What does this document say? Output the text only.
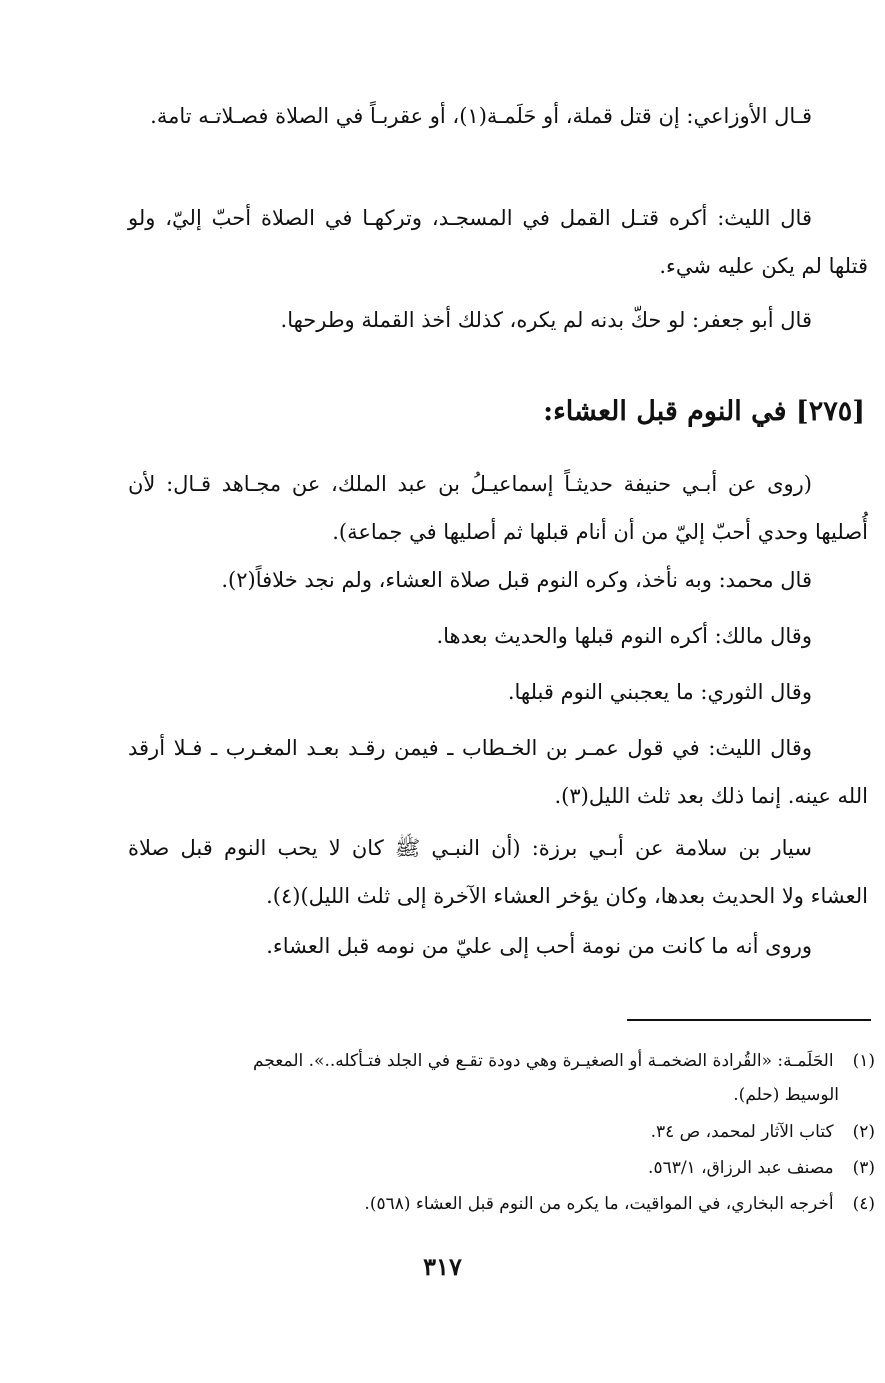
قـال الأوزاعي: إن قتل قملة، أو حَلَمـة(١)، أو عقربـاً في الصلاة فصـلاتـه تامة.
قال الليث: أكره قتـل القمل في المسجـد، وتركهـا في الصلاة أحبّ إليّ، ولو قتلها لم يكن عليه شيء.
قال أبو جعفر: لو حكّ بدنه لم يكره، كذلك أخذ القملة وطرحها.
[٢٧٥] في النوم قبل العشاء:
(روى عن أبـي حنيفة حديثـاً إسماعيـلُ بن عبد الملك، عن مجـاهد قـال: لأن أُصليها وحدي أحبّ إليّ من أن أنام قبلها ثم أصليها في جماعة).
قال محمد: وبه نأخذ، وكره النوم قبل صلاة العشاء، ولم نجد خلافاً(٢).
وقال مالك: أكره النوم قبلها والحديث بعدها.
وقال الثوري: ما يعجبني النوم قبلها.
وقال الليث: في قول عمـر بن الخـطاب ـ فيمن رقـد بعـد المغـرب ـ فـلا أرقد الله عينه. إنما ذلك بعد ثلث الليل(٣).
سيار بن سلامة عن أبـي برزة: (أن النبـي ﷺ كان لا يحب النوم قبل صلاة العشاء ولا الحديث بعدها، وكان يؤخر العشاء الآخرة إلى ثلث الليل)(٤).
وروى أنه ما كانت من نومة أحب إلى عليّ من نومه قبل العشاء.
(١) الحَلَمـة: «القُرادة الضخمـة أو الصغيـرة وهي دودة تقـع في الجلد فتـأكله..». المعجم
الوسيط (حلم).
(٢) كتاب الآثار لمحمد، ص ٣٤.
(٣) مصنف عبد الرزاق، ٥٦٣/١.
(٤) أخرجه البخاري، في المواقيت، ما يكره من النوم قبل العشاء (٥٦٨).
٣١٧
